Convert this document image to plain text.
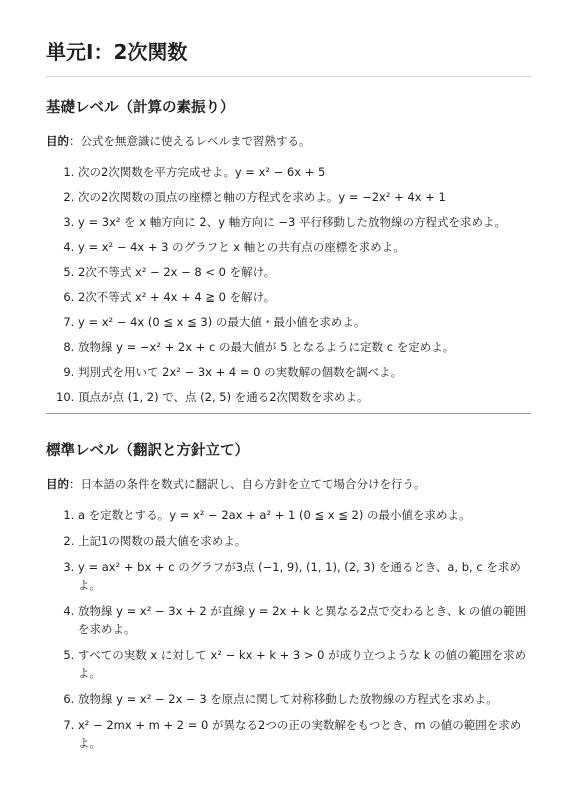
単元Ⅰ：2次関数
基礎レベル（計算の素振り）

目的：公式を無意識に使えるレベルまで習熟する。

1. 次の2次関数を平方完成せよ。y = x² − 6x + 5
2. 次の2次関数の頂点の座標と軸の方程式を求めよ。y = −2x² + 4x + 1
3. y = 3x² を x 軸方向に 2、y 軸方向に −3 平行移動した放物線の方程式を求めよ。
4. y = x² − 4x + 3 のグラフと x 軸との共有点の座標を求めよ。
5. 2次不等式 x² − 2x − 8 < 0 を解け。
6. 2次不等式 x² + 4x + 4 ≧ 0 を解け。
7. y = x² − 4x (0 ≦ x ≦ 3) の最大値・最小値を求めよ。
8. 放物線 y = −x² + 2x + c の最大値が 5 となるように定数 c を定めよ。
9. 判別式を用いて 2x² − 3x + 4 = 0 の実数解の個数を調べよ。
10. 頂点が点 (1, 2) で、点 (2, 5) を通る2次関数を求めよ。
標準レベル（翻訳と方針立て）

目的：日本語の条件を数式に翻訳し、自ら方針を立てて場合分けを行う。

1. a を定数とする。y = x² − 2ax + a² + 1 (0 ≦ x ≦ 2) の最小値を求めよ。
2. 上記1の関数の最大値を求めよ。
3. y = ax² + bx + c のグラフが3点 (−1, 9), (1, 1), (2, 3) を通るとき、a, b, c を求めよ。
4. 放物線 y = x² − 3x + 2 が直線 y = 2x + k と異なる2点で交わるとき、k の値の範囲を求めよ。
5. すべての実数 x に対して x² − kx + k + 3 > 0 が成り立つような k の値の範囲を求めよ。
6. 放物線 y = x² − 2x − 3 を原点に関して対称移動した放物線の方程式を求めよ。
7. x² − 2mx + m + 2 = 0 が異なる2つの正の実数解をもつとき、m の値の範囲を求めよ。
